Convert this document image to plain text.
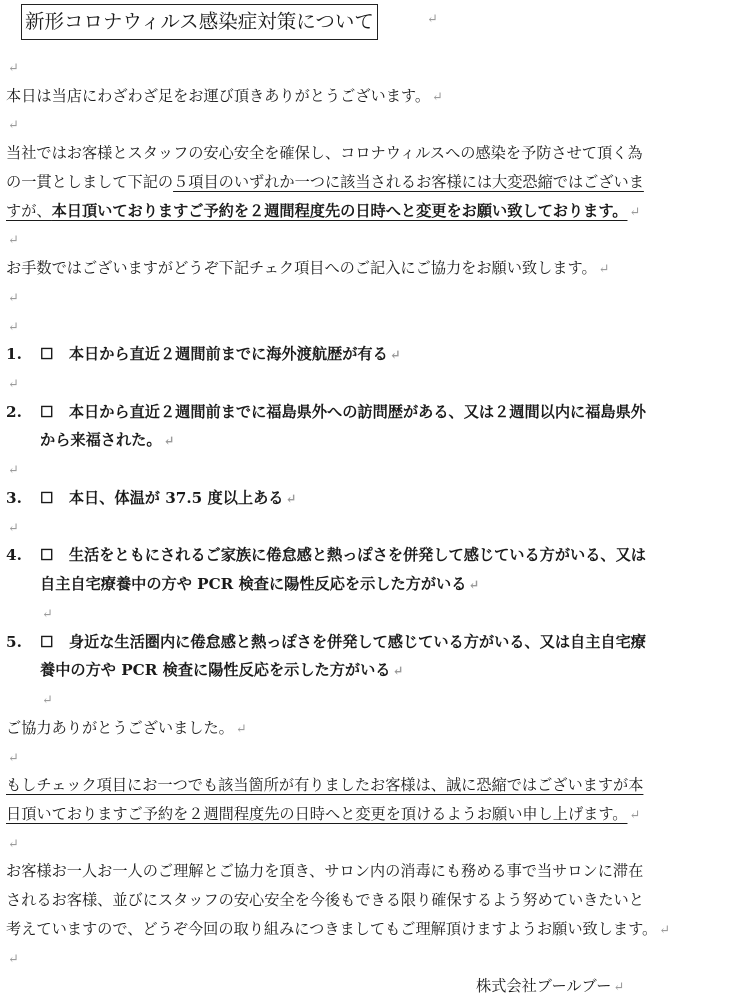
新形コロナウィルス感染症対策について	↵

↵

本日は当店にわざわざ足をお運び頂きありがとうございます。 ↵

↵

当社ではお客様とスタッフの安心安全を確保し、コロナウィルスへの感染を予防させて頂く為

の一貫としまして下記の５項目のいずれか一つに該当されるお客様には大変恐縮ではございま

すが、本日頂いておりますご予約を２週間程度先の日時へと変更をお願い致しております。 ↵

↵

お手数ではございますがどうぞ下記チェク項目へのご記入にご協力をお願い致します。 ↵

↵

↵

1. ☐　 本日から直近２週間前までに海外渡航歴が有る ↵

↵

2. ☐　 本日から直近２週間前までに福島県外への訪問歴がある、又は２週間以内に福島県外
から来福された。 ↵

↵

3. ☐　 本日、体温が 37.5 度以上ある ↵

↵

4. ☐　 生活をともにされるご家族に倦怠感と熱っぽさを併発して感じている方がいる、又は
自主自宅療養中の方や PCR 検査に陽性反応を示した方がいる ↵
↵
5. ☐　 身近な生活圏内に倦怠感と熱っぽさを併発して感じている方がいる、又は自主自宅療
養中の方や PCR 検査に陽性反応を示した方がいる ↵
↵

ご協力ありがとうございました。 ↵

↵

もしチェック項目にお一つでも該当箇所が有りましたお客様は、誠に恐縮ではございますが本

日頂いておりますご予約を２週間程度先の日時へと変更を頂けるようお願い申し上げます。 ↵

↵

お客様お一人お一人のご理解とご協力を頂き、サロン内の消毒にも務める事で当サロンに滞在

されるお客様、並びにスタッフの安心安全を今後もできる限り確保するよう努めていきたいと

考えていますので、どうぞ今回の取り組みにつきましてもご理解頂けますようお願い致します。 ↵

↵

株式会社ブールブー ↵
